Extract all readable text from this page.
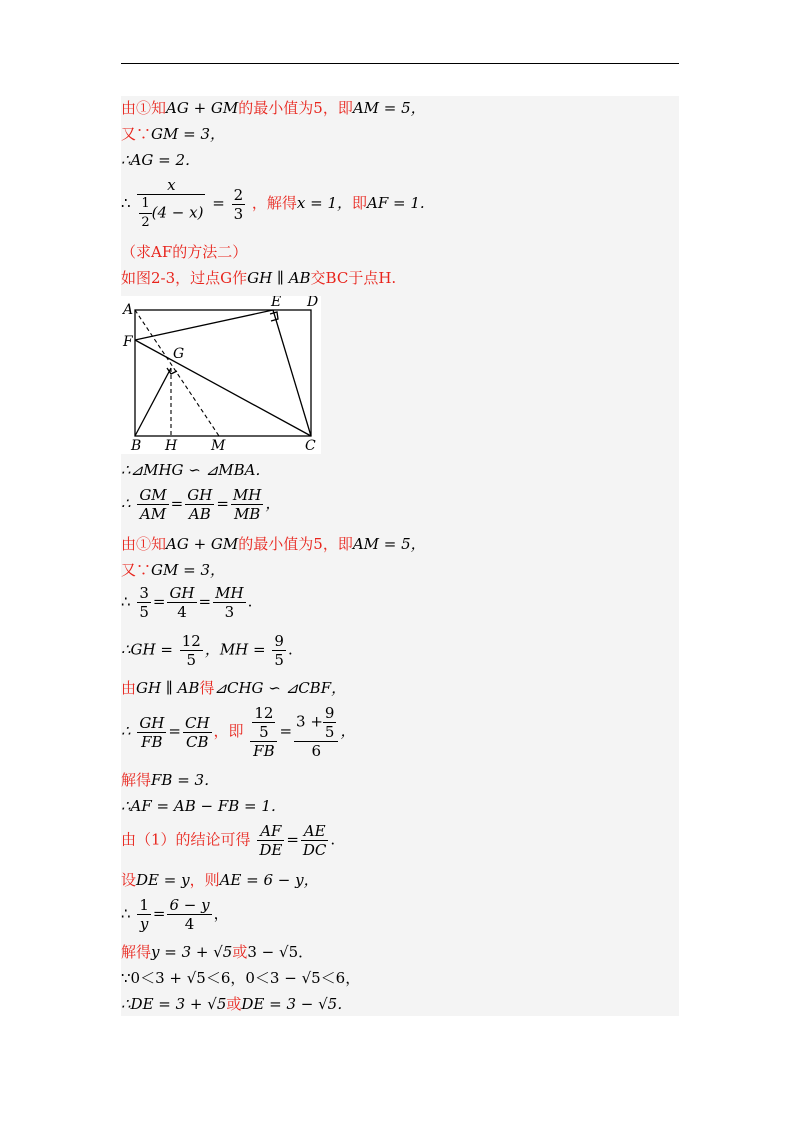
由①知AG + GM的最小值为5，即AM = 5，
又∵GM = 3，
∴AG = 2．
∴ $\frac{x}{\frac{1}{2} (4 - x)} = \frac{2}{3}$ ，解得x = 1，即AF = 1.
（求AF的方法二）
如图2-3，过点G作GH ∥ AB交BC于点H.
A	E D
F
G
B H M	C
∴⊿MHG ∽ ⊿MBA．
∴ $\frac{GM}{AM} = \frac{GH}{AB} = \frac{MH}{MB}$ ，
由①知AG + GM的最小值为5，即AM = 5，
又∵GM = 3，
∴ $\frac{3}{5} = \frac{GH}{4} = \frac{MH}{3}$ .
∴GH = $\frac{12}{5}$ ，MH = $\frac{9}{5}$ .
由GH ∥ AB得⊿CHG ∽ ⊿CBF，
∴ $\frac{GH}{FB} = \frac{CH}{CB}$ ，即 $\frac{\frac{12}{5}}{FB} = \frac{3 + \frac{9}{5}}{6}$ ，
解得FB = 3．
∴AF = AB − FB = 1．
由（1）的结论可得 $\frac{AF}{DE} = \frac{AE}{DC}$ .
设DE = y，则AE = 6 − y，
∴ $\frac{1}{y} = \frac{6 - y}{4}$ ，
解得y = 3 + √5或3 − √5．
∵0＜3 + √5＜6，0＜3 − √5＜6，
∴DE = 3 + √5或DE = 3 − √5．
